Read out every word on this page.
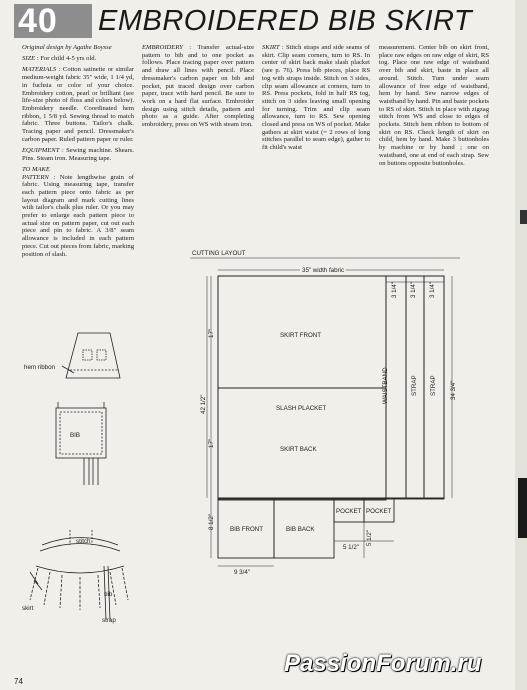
40 EMBROIDERED BIB SKIRT

Original design by Agathe Boysse

SIZE : For child 4-5 yrs old.

MATERIALS : Cotton satinette or similar medium-weight fabric 35" wide, 1 1/4 yd, in fuchsia or color of your choice. Embroidery cotton, pearl or brilliant (see life-size photo of floss and colors below). Embroidery needle. Coordinated hem ribbon, 1 5/8 yd. Sewing thread to match fabric. Three buttons. Tailor's chalk. Tracing paper and pencil. Dressmaker's carbon paper. Ruled pattern paper or ruler.

EQUIPMENT : Sewing machine. Shears. Pins. Steam iron. Measuring tape.

TO MAKE

PATTERN : Note lengthwise grain of fabric. Using measuring tape, transfer each pattern piece onto fabric as per layout diagram and mark cutting lines with tailor's chalk plus ruler. Or you may prefer to enlarge each pattern piece to actual size on pattern paper, cut out each piece and pin to fabric. A 3/8" seam allowance is included in each pattern piece. Cut out pieces from fabric, marking position of slash.

EMBROIDERY : Transfer actual-size pattern to bib and to one pocket as follows. Place tracing paper over pattern and draw all lines with pencil. Place dressmaker's carbon paper on bib and pocket, put traced design over carbon paper, trace with hard pencil. Be sure to work on a hard flat surface. Embroider design using stitch details, pattern and photo as a guide. After completing embroidery, press on WS with steam iron.

SKIRT : Stitch straps and side seams of skirt. Clip seam corners, turn to RS. In center of skirt back make slash placket (see p. 76). Press bib pieces, place RS tog with straps inside. Stitch on 3 sides, clip seam allowance at corners, turn to RS. Press pockets, fold in half RS tog, stitch on 3 sides leaving small opening for turning. Trim and clip seam allowance, turn to RS. Sew opening closed and press on WS of pocket. Make gathers at skirt waist (= 2 rows of long stitches parallel to seam edge), gather to fit child's waist

measurement. Center bib on skirt front, place raw edges on raw edge of skirt, RS tog. Place one raw edge of waistband over bib and skirt, baste in place all around. Stitch. Turn under seam allowance of free edge of waistband, hem by hand. Sew narrow edges of waistband by hand. Pin and baste pockets to RS of skirt. Stitch in place with zigzag stitch from WS and close to edges of pockets. Stitch hem ribbon to bottom of skirt on RS. Check length of skirt on child, hem by hand. Make 3 buttonholes by machine or by hand ; one on waistband, one at end of each strap. Sew on buttons opposite buttonholes.

hem ribbon
BIB
stitch
bib
skirt
strap
CUTTING LAYOUT
35" width fabric
SKIRT FRONT
SLASH PLACKET
SKIRT BACK
BIB FRONT	BIB BACK
POCKET POCKET
WAISTBAND	STRAP STRAP
17"
17"
42 1/2"
8 1/2"
9 3/4"
34 3/4"
3 1/4" 3 1/4" 3 1/4"
5 1/2"
5 1/2"
74
PassionForum.ru
